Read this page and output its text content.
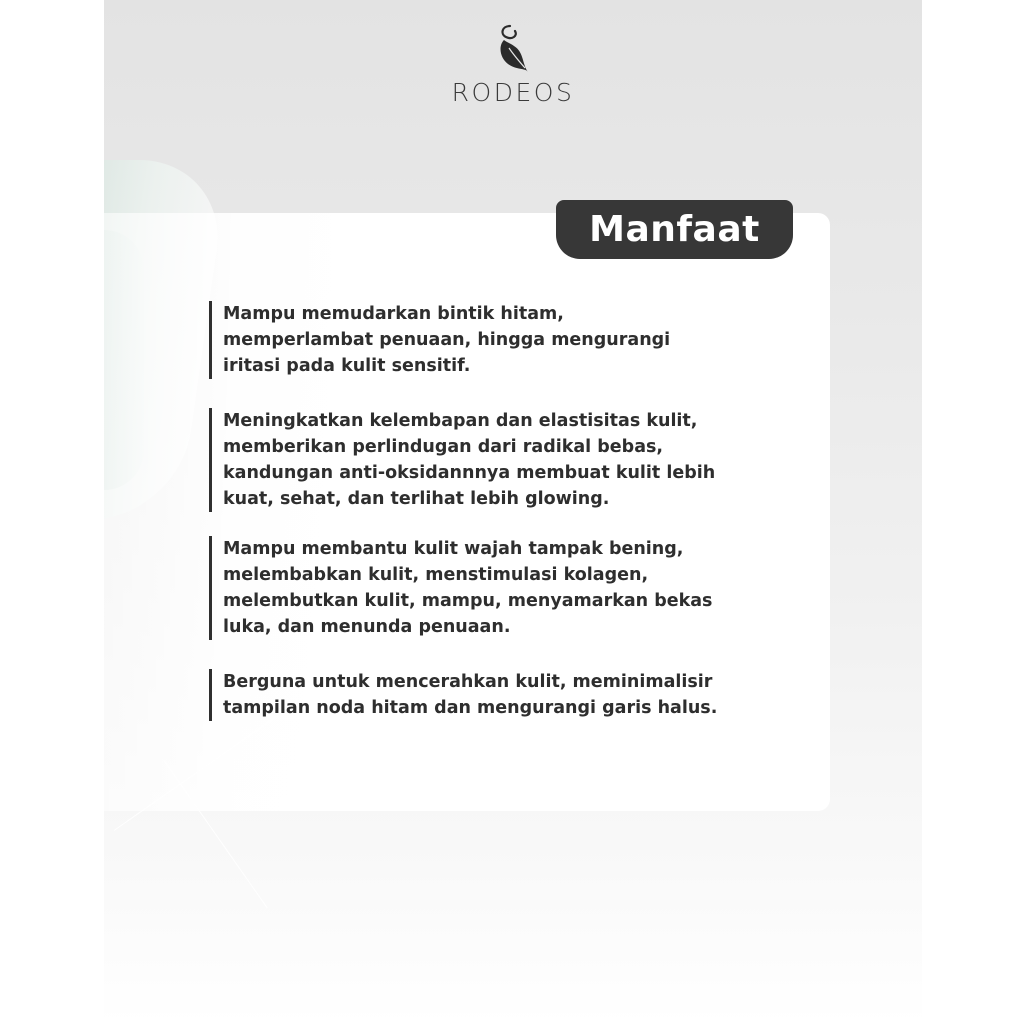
RODEOS
Manfaat
Mampu memudarkan bintik hitam,
memperlambat penuaan, hingga mengurangi
iritasi pada kulit sensitif.
Meningkatkan kelembapan dan elastisitas kulit,
memberikan perlindugan dari radikal bebas,
kandungan anti-oksidannnya membuat kulit lebih
kuat, sehat, dan terlihat lebih glowing.
Mampu membantu kulit wajah tampak bening,
melembabkan kulit, menstimulasi kolagen,
melembutkan kulit, mampu, menyamarkan bekas
luka, dan menunda penuaan.
Berguna untuk mencerahkan kulit, meminimalisir
tampilan noda hitam dan mengurangi garis halus.
